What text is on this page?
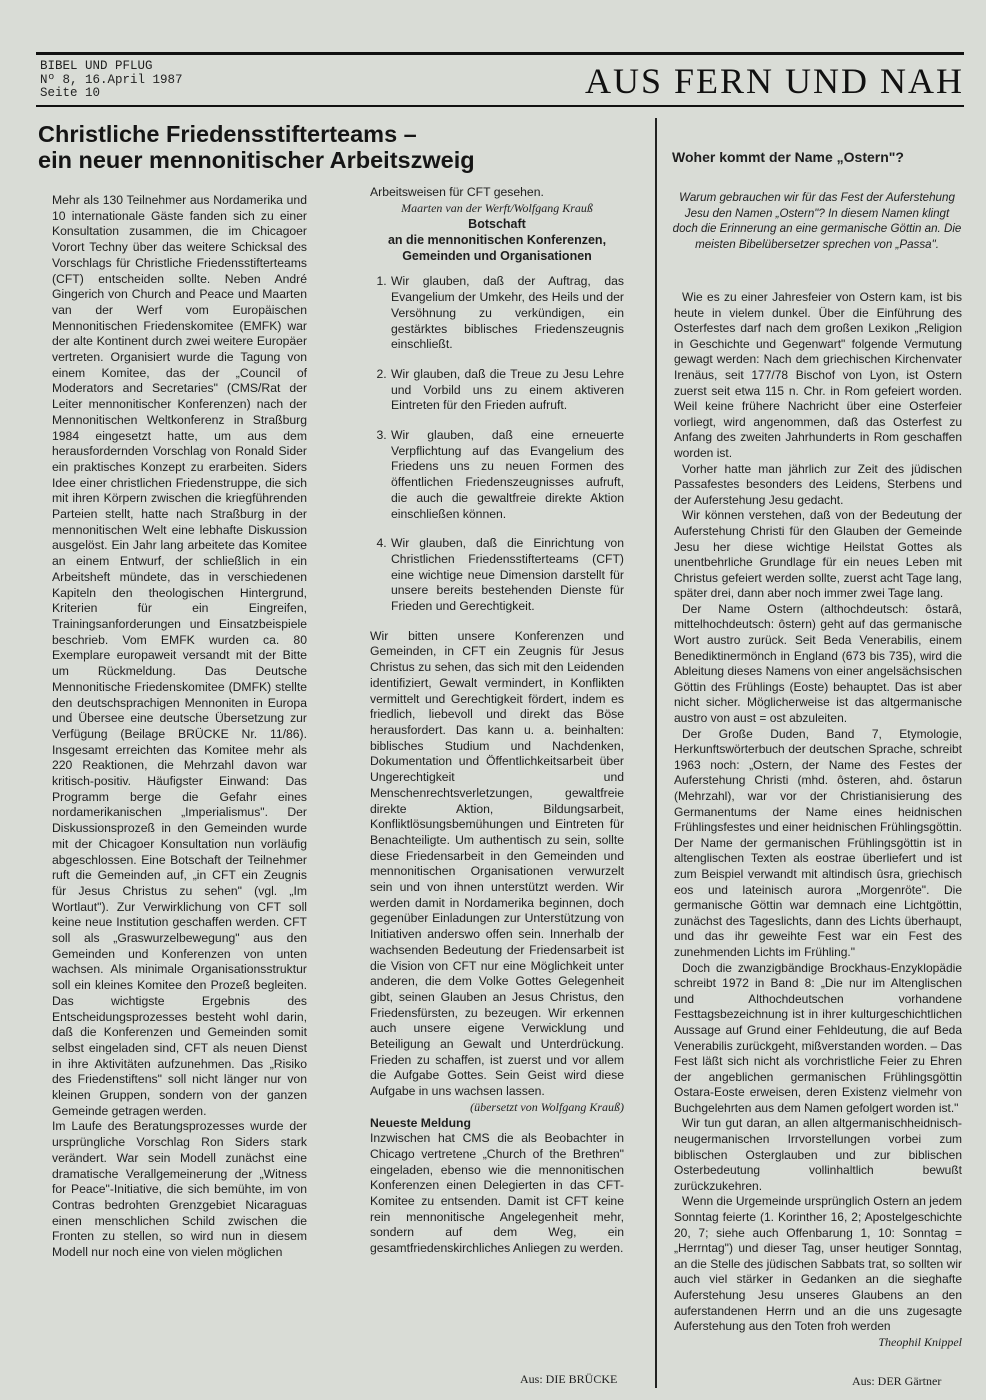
BIBEL UND PFLUG
Nº 8, 16.April 1987
Seite 10	AUS FERN UND NAH
Christliche Friedensstifterteams –
ein neuer mennonitischer Arbeitszweig

Mehr als 130 Teilnehmer aus Nordamerika und 10 internationale Gäste fanden sich zu einer Konsultation zusammen, die im Chicagoer Vorort Techny über das weitere Schicksal des Vorschlags für Christliche Friedensstifterteams (CFT) entscheiden sollte. Neben André Gingerich von Church and Peace und Maarten van der Werf vom Europäischen Mennonitischen Friedenskomitee (EMFK) war der alte Kontinent durch zwei weitere Europäer vertreten. Organisiert wurde die Tagung von einem Komitee, das der „Council of Moderators and Secretaries" (CMS/Rat der Leiter mennonitischer Konferenzen) nach der Mennonitischen Weltkonferenz in Straßburg 1984 eingesetzt hatte, um aus dem herausfordernden Vorschlag von Ronald Sider ein praktisches Konzept zu erarbeiten. Siders Idee einer christlichen Friedenstruppe, die sich mit ihren Körpern zwischen die kriegführenden Parteien stellt, hatte nach Straßburg in der mennonitischen Welt eine lebhafte Diskussion ausgelöst. Ein Jahr lang arbeitete das Komitee an einem Entwurf, der schließlich in ein Arbeitsheft mündete, das in verschiedenen Kapiteln den theologischen Hintergrund, Kriterien für ein Eingreifen, Trainingsanforderungen und Einsatzbeispiele beschrieb. Vom EMFK wurden ca. 80 Exemplare europaweit versandt mit der Bitte um Rückmeldung. Das Deutsche Mennonitische Friedenskomitee (DMFK) stellte den deutschsprachigen Mennoniten in Europa und Übersee eine deutsche Übersetzung zur Verfügung (Beilage BRÜCKE Nr. 11/86). Insgesamt erreichten das Komitee mehr als 220 Reaktionen, die Mehrzahl davon war kritisch-positiv. Häufigster Einwand: Das Programm berge die Gefahr eines nordamerikanischen „Imperialismus". Der Diskussionsprozeß in den Gemeinden wurde mit der Chicagoer Konsultation nun vorläufig abgeschlossen. Eine Botschaft der Teilnehmer ruft die Gemeinden auf, „in CFT ein Zeugnis für Jesus Christus zu sehen" (vgl. „Im Wortlaut"). Zur Verwirklichung von CFT soll keine neue Institution geschaffen werden. CFT soll als „Graswurzelbewegung" aus den Gemeinden und Konferenzen von unten wachsen. Als minimale Organisationsstruktur soll ein kleines Komitee den Prozeß begleiten. Das wichtigste Ergebnis des Entscheidungsprozesses besteht wohl darin, daß die Konferenzen und Gemeinden somit selbst eingeladen sind, CFT als neuen Dienst in ihre Aktivitäten aufzunehmen. Das „Risiko des Friedenstiftens" soll nicht länger nur von kleinen Gruppen, sondern von der ganzen Gemeinde getragen werden.

Im Laufe des Beratungsprozesses wurde der ursprüngliche Vorschlag Ron Siders stark verändert. War sein Modell zunächst eine dramatische Verallgemeinerung der „Witness for Peace"-Initiative, die sich bemühte, im von Contras bedrohten Grenzgebiet Nicaraguas einen menschlichen Schild zwischen die Fronten zu stellen, so wird nun in diesem Modell nur noch eine von vielen möglichen

Arbeitsweisen für CFT gesehen.

Maarten van der Werft/Wolfgang Krauß

Botschaft

an die mennonitischen Konferenzen,

Gemeinden und Organisationen

1. Wir glauben, daß der Auftrag, das Evangelium der Umkehr, des Heils und der Versöhnung zu verkündigen, ein gestärktes biblisches Friedenszeugnis einschließt.
2. Wir glauben, daß die Treue zu Jesu Lehre und Vorbild uns zu einem aktiveren Eintreten für den Frieden aufruft.
3. Wir glauben, daß eine erneuerte Verpflichtung auf das Evangelium des Friedens uns zu neuen Formen des öffentlichen Friedenszeugnisses aufruft, die auch die gewaltfreie direkte Aktion einschließen können.
4. Wir glauben, daß die Einrichtung von Christlichen Friedensstifterteams (CFT) eine wichtige neue Dimension darstellt für unsere bereits bestehenden Dienste für Frieden und Gerechtigkeit.

Wir bitten unsere Konferenzen und Gemeinden, in CFT ein Zeugnis für Jesus Christus zu sehen, das sich mit den Leidenden identifiziert, Gewalt vermindert, in Konflikten vermittelt und Gerechtigkeit fördert, indem es friedlich, liebevoll und direkt das Böse herausfordert. Das kann u. a. beinhalten: biblisches Studium und Nachdenken, Dokumentation und Öffentlichkeitsarbeit über Ungerechtigkeit und Menschenrechtsverletzungen, gewaltfreie direkte Aktion, Bildungsarbeit, Konfliktlösungsbemühungen und Eintreten für Benachteiligte. Um authentisch zu sein, sollte diese Friedensarbeit in den Gemeinden und mennonitischen Organisationen verwurzelt sein und von ihnen unterstützt werden. Wir werden damit in Nordamerika beginnen, doch gegenüber Einladungen zur Unterstützung von Initiativen anderswo offen sein. Innerhalb der wachsenden Bedeutung der Friedensarbeit ist die Vision von CFT nur eine Möglichkeit unter anderen, die dem Volke Gottes Gelegenheit gibt, seinen Glauben an Jesus Christus, den Friedensfürsten, zu bezeugen. Wir erkennen auch unsere eigene Verwicklung und Beteiligung an Gewalt und Unterdrückung. Frieden zu schaffen, ist zuerst und vor allem die Aufgabe Gottes. Sein Geist wird diese Aufgabe in uns wachsen lassen.

(übersetzt von Wolfgang Krauß)

Neueste Meldung

Inzwischen hat CMS die als Beobachter in Chicago vertretene „Church of the Brethren" eingeladen, ebenso wie die mennonitischen Konferenzen einen Delegierten in das CFT-Komitee zu entsenden. Damit ist CFT keine rein mennonitische Angelegenheit mehr, sondern auf dem Weg, ein gesamtfriedenskirchliches Anliegen zu werden.

Aus: DIE BRÜCKE
Woher kommt der Name „Ostern"?
Warum gebrauchen wir für das Fest der Auferstehung Jesu den Namen „Ostern"? In diesem Namen klingt doch die Erinnerung an eine germanische Göttin an. Die meisten Bibelübersetzer sprechen von „Passa".

Wie es zu einer Jahresfeier von Ostern kam, ist bis heute in vielem dunkel. Über die Einführung des Osterfestes darf nach dem großen Lexikon „Religion in Geschichte und Gegenwart" folgende Vermutung gewagt werden: Nach dem griechischen Kirchenvater Irenäus, seit 177/78 Bischof von Lyon, ist Ostern zuerst seit etwa 115 n. Chr. in Rom gefeiert worden. Weil keine frühere Nachricht über eine Osterfeier vorliegt, wird angenommen, daß das Osterfest zu Anfang des zweiten Jahrhunderts in Rom geschaffen worden ist.

Vorher hatte man jährlich zur Zeit des jüdischen Passafestes besonders des Leidens, Sterbens und der Auferstehung Jesu gedacht.

Wir können verstehen, daß von der Bedeutung der Auferstehung Christi für den Glauben der Gemeinde Jesu her diese wichtige Heilstat Gottes als unentbehrliche Grundlage für ein neues Leben mit Christus gefeiert werden sollte, zuerst acht Tage lang, später drei, dann aber noch immer zwei Tage lang.

Der Name Ostern (althochdeutsch: ôstarâ, mittelhochdeutsch: ôstern) geht auf das germanische Wort austro zurück. Seit Beda Venerabilis, einem Benediktinermönch in England (673 bis 735), wird die Ableitung dieses Namens von einer angelsächsischen Göttin des Frühlings (Eoste) behauptet. Das ist aber nicht sicher. Möglicherweise ist das altgermanische austro von aust = ost abzuleiten.

Der Große Duden, Band 7, Etymologie, Herkunftswörterbuch der deutschen Sprache, schreibt 1963 noch: „Ostern, der Name des Festes der Auferstehung Christi (mhd. ôsteren, ahd. ôstarun (Mehrzahl), war vor der Christianisierung des Germanentums der Name eines heidnischen Frühlingsfestes und einer heidnischen Frühlingsgöttin. Der Name der germanischen Frühlingsgöttin ist in altenglischen Texten als eostrae überliefert und ist zum Beispiel verwandt mit altindisch ûsra, griechisch eos und lateinisch aurora „Morgenröte". Die germanische Göttin war demnach eine Lichtgöttin, zunächst des Tageslichts, dann des Lichts überhaupt, und das ihr geweihte Fest war ein Fest des zunehmenden Lichts im Frühling."

Doch die zwanzigbändige Brockhaus-Enzyklopädie schreibt 1972 in Band 8: „Die nur im Altenglischen und Althochdeutschen vorhandene Festtagsbezeichnung ist in ihrer kulturgeschichtlichen Aussage auf Grund einer Fehldeutung, die auf Beda Venerabilis zurückgeht, mißverstanden worden. – Das Fest läßt sich nicht als vorchristliche Feier zu Ehren der angeblichen germanischen Frühlingsgöttin Ostara-Eoste erweisen, deren Existenz vielmehr von Buchgelehrten aus dem Namen gefolgert worden ist."

Wir tun gut daran, an allen altgermanischheidnisch-neugermanischen Irrvorstellungen vorbei zum biblischen Osterglauben und zur biblischen Osterbedeutung vollinhaltlich bewußt zurückzukehren.

Wenn die Urgemeinde ursprünglich Ostern an jedem Sonntag feierte (1. Korinther 16, 2; Apostelgeschichte 20, 7; siehe auch Offenbarung 1, 10: Sonntag = „Herrntag") und dieser Tag, unser heutiger Sonntag, an die Stelle des jüdischen Sabbats trat, so sollten wir auch viel stärker in Gedanken an die sieghafte Auferstehung Jesu unseres Glaubens an den auferstandenen Herrn und an die uns zugesagte Auferstehung aus den Toten froh werden
Theophil Knippel

Aus: DER Gärtner
